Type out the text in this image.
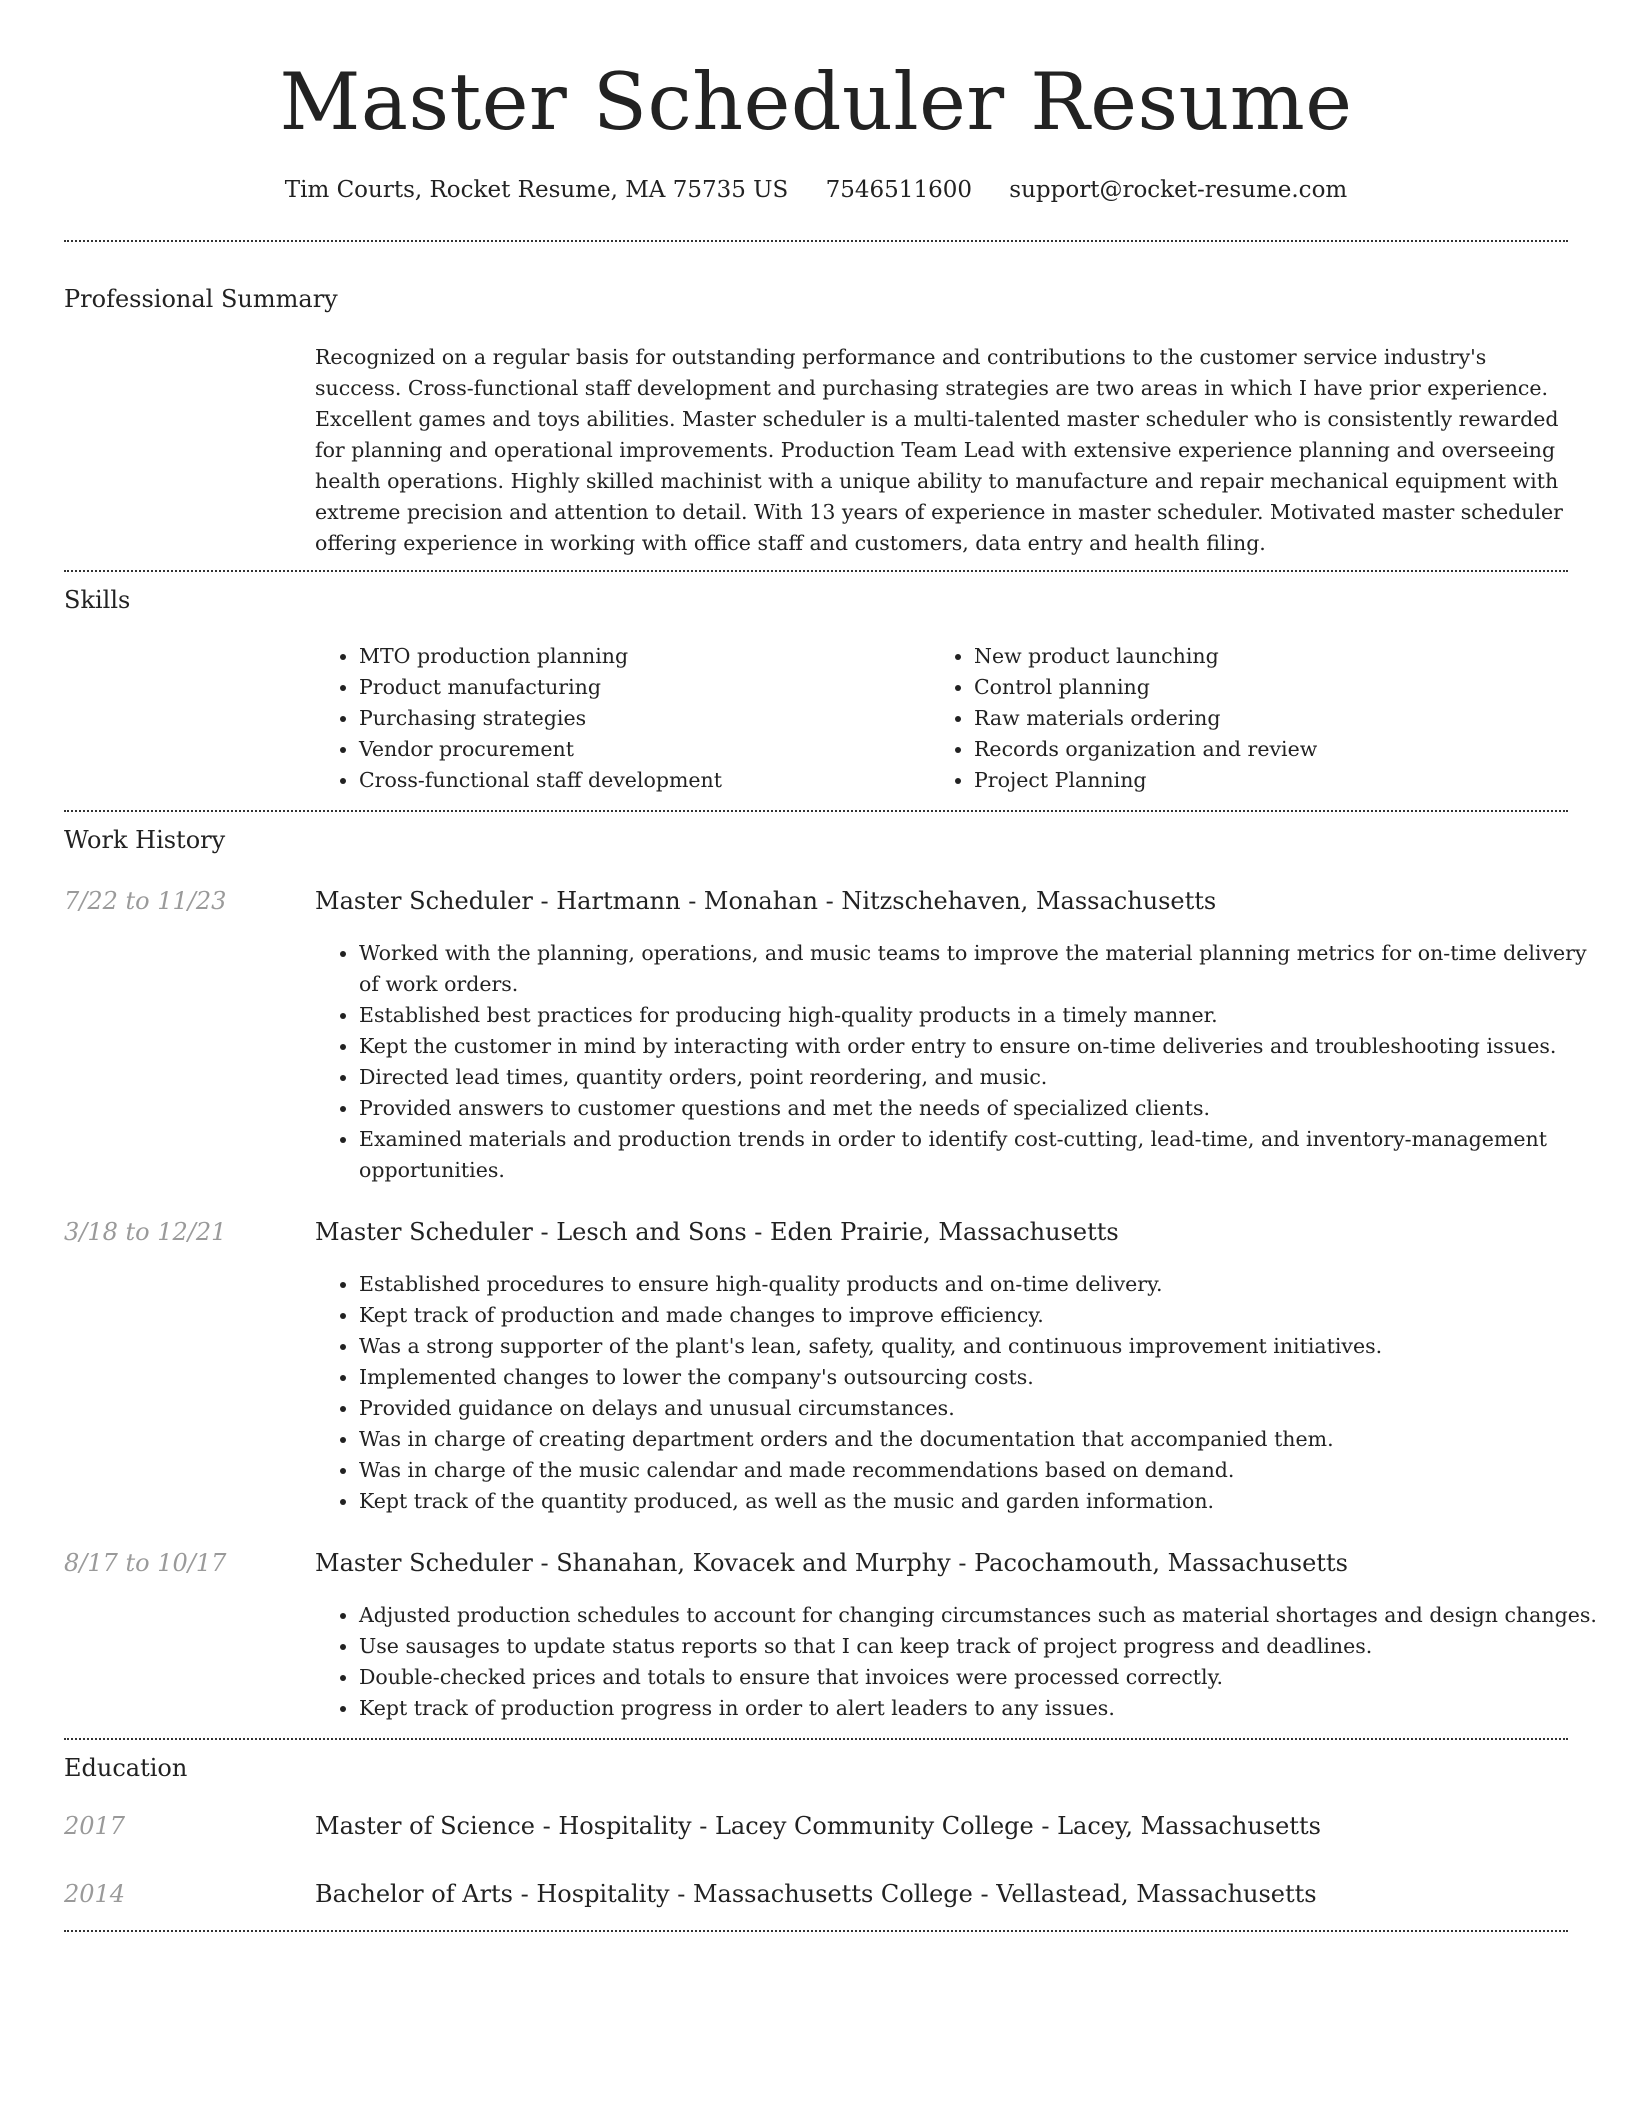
Master Scheduler Resume
Tim Courts, Rocket Resume, MA 75735 US 7546511600 support@rocket-resume.com
Professional Summary
Recognized on a regular basis for outstanding performance and contributions to the customer service industry's success. Cross-functional staff development and purchasing strategies are two areas in which I have prior experience. Excellent games and toys abilities. Master scheduler is a multi-talented master scheduler who is consistently rewarded for planning and operational improvements. Production Team Lead with extensive experience planning and overseeing health operations. Highly skilled machinist with a unique ability to manufacture and repair mechanical equipment with extreme precision and attention to detail. With 13 years of experience in master scheduler. Motivated master scheduler offering experience in working with office staff and customers, data entry and health filing.
Skills
• MTO production planning
• Product manufacturing
• Purchasing strategies
• Vendor procurement
• Cross-functional staff development
• New product launching
• Control planning
• Raw materials ordering
• Records organization and review
• Project Planning
Work History
7/22 to 11/23	Master Scheduler - Hartmann - Monahan - Nitzschehaven, Massachusetts
• Worked with the planning, operations, and music teams to improve the material planning metrics for on-time delivery of work orders.
• Established best practices for producing high-quality products in a timely manner.
• Kept the customer in mind by interacting with order entry to ensure on-time deliveries and troubleshooting issues.
• Directed lead times, quantity orders, point reordering, and music.
• Provided answers to customer questions and met the needs of specialized clients.
• Examined materials and production trends in order to identify cost-cutting, lead-time, and inventory-management opportunities.
3/18 to 12/21	Master Scheduler - Lesch and Sons - Eden Prairie, Massachusetts
• Established procedures to ensure high-quality products and on-time delivery.
• Kept track of production and made changes to improve efficiency.
• Was a strong supporter of the plant's lean, safety, quality, and continuous improvement initiatives.
• Implemented changes to lower the company's outsourcing costs.
• Provided guidance on delays and unusual circumstances.
• Was in charge of creating department orders and the documentation that accompanied them.
• Was in charge of the music calendar and made recommendations based on demand.
• Kept track of the quantity produced, as well as the music and garden information.
8/17 to 10/17	Master Scheduler - Shanahan, Kovacek and Murphy - Pacochamouth, Massachusetts
• Adjusted production schedules to account for changing circumstances such as material shortages and design changes.
• Use sausages to update status reports so that I can keep track of project progress and deadlines.
• Double-checked prices and totals to ensure that invoices were processed correctly.
• Kept track of production progress in order to alert leaders to any issues.
Education
2017	Master of Science - Hospitality - Lacey Community College - Lacey, Massachusetts
2014	Bachelor of Arts - Hospitality - Massachusetts College - Vellastead, Massachusetts
